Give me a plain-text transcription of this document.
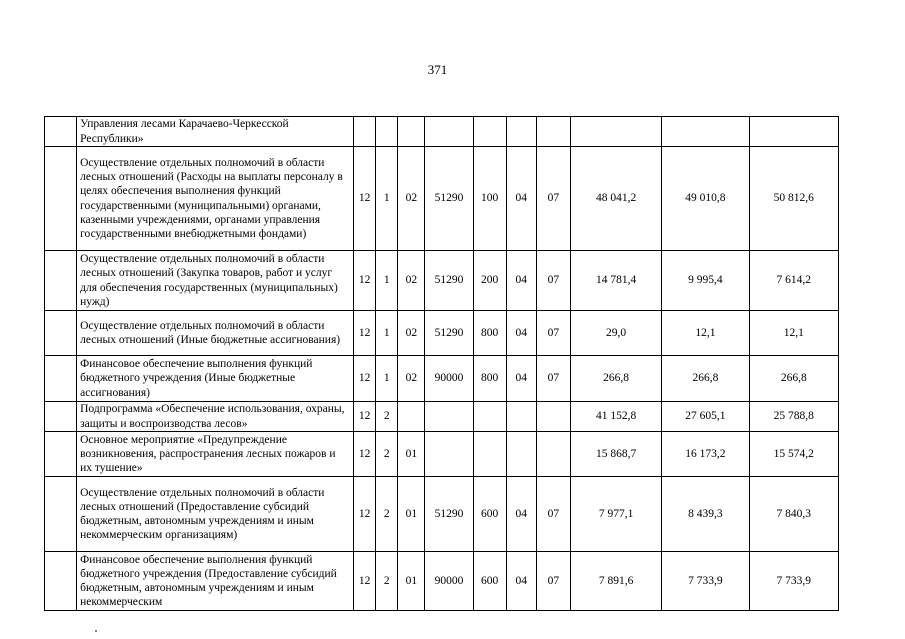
371
	Управления лесами Карачаево-Черкесской Республики»										
	Осуществление отдельных полномочий в области лесных отношений (Расходы на выплаты персоналу в целях обеспечения выполнения функций государственными (муниципальными) органами, казенными учреждениями, органами управления государственными внебюджетными фондами)	12	1	02	51290	100	04	07	48 041,2	49 010,8	50 812,6
	Осуществление отдельных полномочий в области лесных отношений (Закупка товаров, работ и услуг для обеспечения государственных (муниципальных) нужд)	12	1	02	51290	200	04	07	14 781,4	9 995,4	7 614,2
	Осуществление отдельных полномочий в области лесных отношений (Иные бюджетные ассигнования)	12	1	02	51290	800	04	07	29,0	12,1	12,1
	Финансовое обеспечение выполнения функций бюджетного учреждения (Иные бюджетные ассигнования)	12	1	02	90000	800	04	07	266,8	266,8	266,8
	Подпрограмма «Обеспечение использования, охраны, защиты и воспроизводства лесов»	12	2						41 152,8	27 605,1	25 788,8
	Основное мероприятие «Предупреждение возникновения, распространения лесных пожаров и их тушение»	12	2	01					15 868,7	16 173,2	15 574,2
	Осуществление отдельных полномочий в области лесных отношений (Предоставление субсидий бюджетным, автономным учреждениям и иным некоммерческим организациям)	12	2	01	51290	600	04	07	7 977,1	8 439,3	7 840,3
	Финансовое обеспечение выполнения функций бюджетного учреждения (Предоставление субсидий бюджетным, автономным учреждениям и иным некоммерческим	12	2	01	90000	600	04	07	7 891,6	7 733,9	7 733,9
